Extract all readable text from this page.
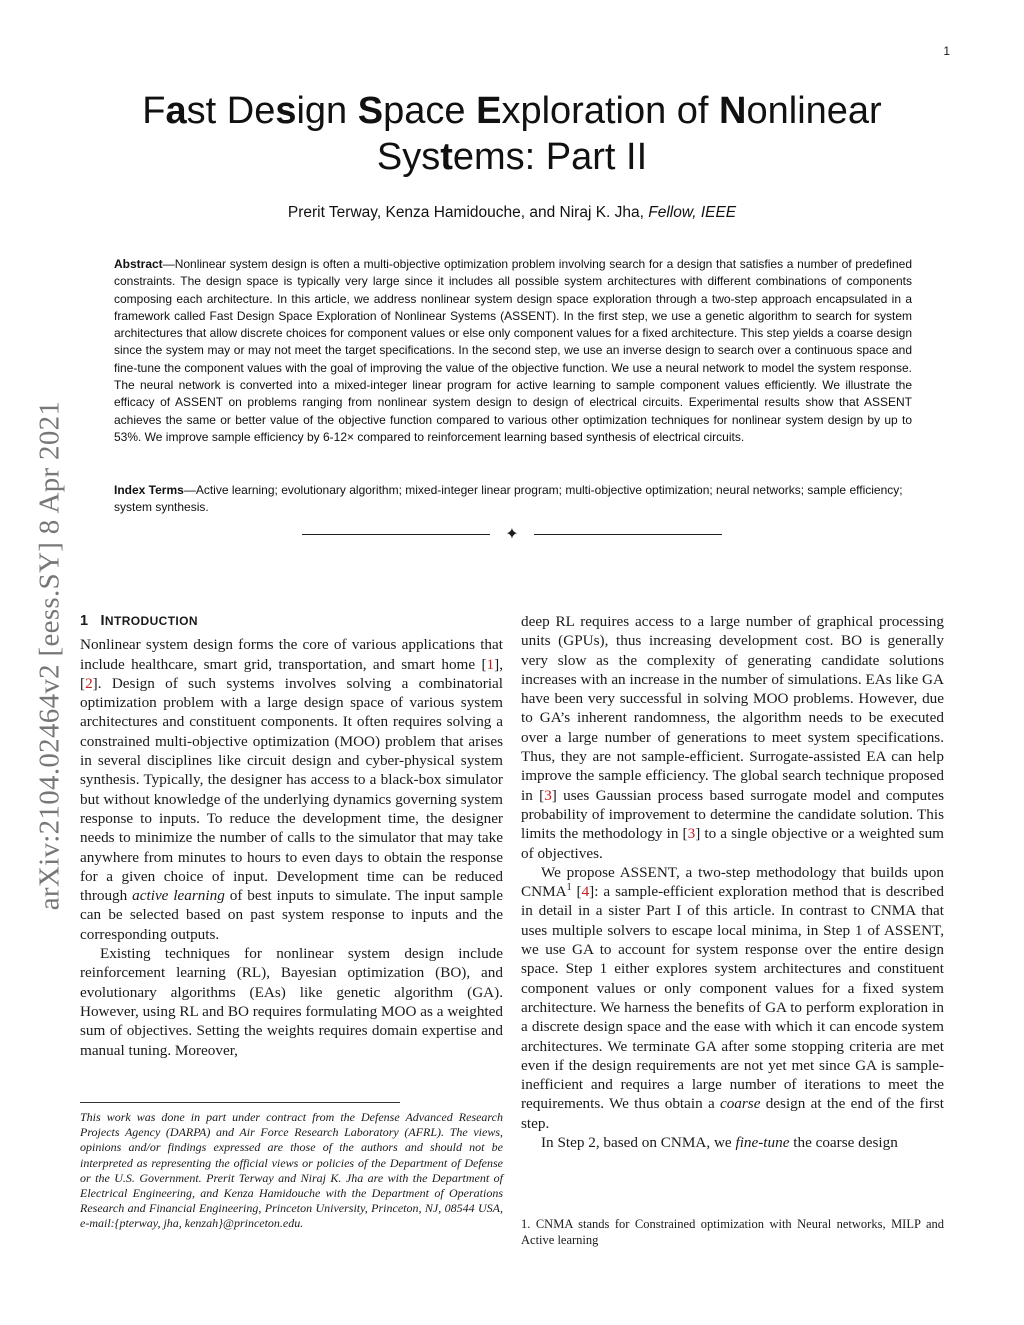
1
arXiv:2104.02464v2 [eess.SY] 8 Apr 2021
Fast Design Space Exploration of Nonlinear Systems: Part II
Prerit Terway, Kenza Hamidouche, and Niraj K. Jha, Fellow, IEEE

Abstract—Nonlinear system design is often a multi-objective optimization problem involving search for a design that satisfies a number of predefined constraints. The design space is typically very large since it includes all possible system architectures with different combinations of components composing each architecture. In this article, we address nonlinear system design space exploration through a two-step approach encapsulated in a framework called Fast Design Space Exploration of Nonlinear Systems (ASSENT). In the first step, we use a genetic algorithm to search for system architectures that allow discrete choices for component values or else only component values for a fixed architecture. This step yields a coarse design since the system may or may not meet the target specifications. In the second step, we use an inverse design to search over a continuous space and fine-tune the component values with the goal of improving the value of the objective function. We use a neural network to model the system response. The neural network is converted into a mixed-integer linear program for active learning to sample component values efficiently. We illustrate the efficacy of ASSENT on problems ranging from nonlinear system design to design of electrical circuits. Experimental results show that ASSENT achieves the same or better value of the objective function compared to various other optimization techniques for nonlinear system design by up to 53%. We improve sample efficiency by 6-12× compared to reinforcement learning based synthesis of electrical circuits.

Index Terms—Active learning; evolutionary algorithm; mixed-integer linear program; multi-objective optimization; neural networks; sample efficiency; system synthesis.

✦
1 INTRODUCTION

Nonlinear system design forms the core of various applications that include healthcare, smart grid, transportation, and smart home [1], [2]. Design of such systems involves solving a combinatorial optimization problem with a large design space of various system architectures and constituent components. It often requires solving a constrained multi-objective optimization (MOO) problem that arises in several disciplines like circuit design and cyber-physical system synthesis. Typically, the designer has access to a black-box simulator but without knowledge of the underlying dynamics governing system response to inputs. To reduce the development time, the designer needs to minimize the number of calls to the simulator that may take anywhere from minutes to hours to even days to obtain the response for a given choice of input. Development time can be reduced through active learning of best inputs to simulate. The input sample can be selected based on past system response to inputs and the corresponding outputs.

Existing techniques for nonlinear system design include reinforcement learning (RL), Bayesian optimization (BO), and evolutionary algorithms (EAs) like genetic algorithm (GA). However, using RL and BO requires formulating MOO as a weighted sum of objectives. Setting the weights requires domain expertise and manual tuning. Moreover,

deep RL requires access to a large number of graphical processing units (GPUs), thus increasing development cost. BO is generally very slow as the complexity of generating candidate solutions increases with an increase in the number of simulations. EAs like GA have been very successful in solving MOO problems. However, due to GA’s inherent randomness, the algorithm needs to be executed over a large number of generations to meet system specifications. Thus, they are not sample-efficient. Surrogate-assisted EA can help improve the sample efficiency. The global search technique proposed in [3] uses Gaussian process based surrogate model and computes probability of improvement to determine the candidate solution. This limits the methodology in [3] to a single objective or a weighted sum of objectives.

We propose ASSENT, a two-step methodology that builds upon CNMA$^1$ [4]: a sample-efficient exploration method that is described in detail in a sister Part I of this article. In contrast to CNMA that uses multiple solvers to escape local minima, in Step 1 of ASSENT, we use GA to account for system response over the entire design space. Step 1 either explores system architectures and constituent component values or only component values for a fixed system architecture. We harness the benefits of GA to perform exploration in a discrete design space and the ease with which it can encode system architectures. We terminate GA after some stopping criteria are met even if the design requirements are not yet met since GA is sample-inefficient and requires a large number of iterations to meet the requirements. We thus obtain a coarse design at the end of the first step.

In Step 2, based on CNMA, we fine-tune the coarse design

This work was done in part under contract from the Defense Advanced Research Projects Agency (DARPA) and Air Force Research Laboratory (AFRL). The views, opinions and/or findings expressed are those of the authors and should not be interpreted as representing the official views or policies of the Department of Defense or the U.S. Government. Prerit Terway and Niraj K. Jha are with the Department of Electrical Engineering, and Kenza Hamidouche with the Department of Operations Research and Financial Engineering, Princeton University, Princeton, NJ, 08544 USA, e-mail:{pterway, jha, kenzah}@princeton.edu.	1. CNMA stands for Constrained optimization with Neural networks, MILP and Active learning
